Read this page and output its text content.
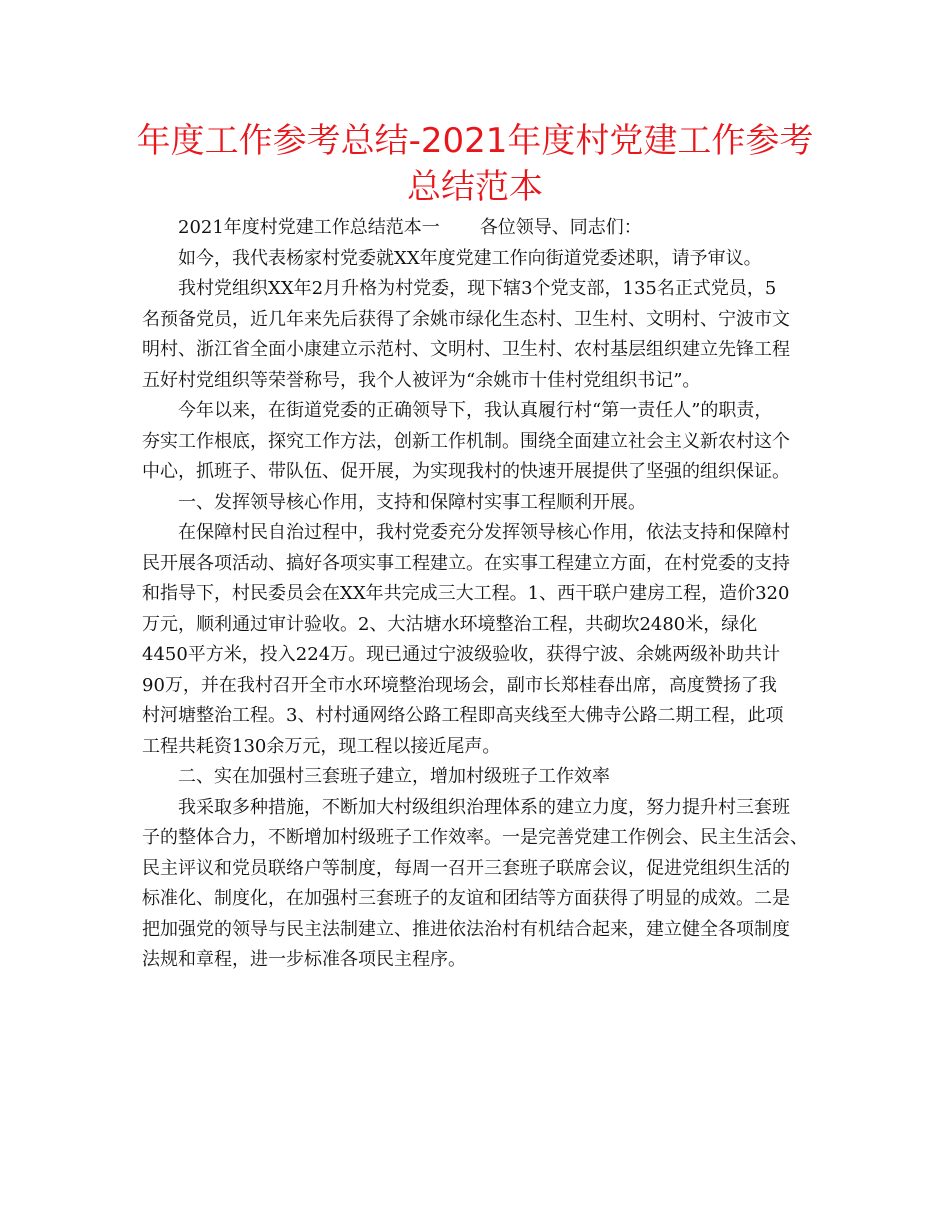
年度工作参考总结-2021年度村党建工作参考总结范本
2021年度村党建工作总结范本一 各位领导、同志们：
如今，我代表杨家村党委就XX年度党建工作向街道党委述职，请予审议。
我村党组织XX年2月升格为村党委，现下辖3个党支部，135名正式党员，5
名预备党员，近几年来先后获得了余姚市绿化生态村、卫生村、文明村、宁波市文
明村、浙江省全面小康建立示范村、文明村、卫生村、农村基层组织建立先锋工程
五好村党组织等荣誉称号，我个人被评为“余姚市十佳村党组织书记”。
今年以来，在街道党委的正确领导下，我认真履行村“第一责任人”的职责，
夯实工作根底，探究工作方法，创新工作机制。围绕全面建立社会主义新农村这个
中心，抓班子、带队伍、促开展，为实现我村的快速开展提供了坚强的组织保证。
一、发挥领导核心作用，支持和保障村实事工程顺利开展。
在保障村民自治过程中，我村党委充分发挥领导核心作用，依法支持和保障村
民开展各项活动、搞好各项实事工程建立。在实事工程建立方面，在村党委的支持
和指导下，村民委员会在XX年共完成三大工程。1、西干联户建房工程，造价320
万元，顺利通过审计验收。2、大沽塘水环境整治工程，共砌坎2480米，绿化
4450平方米，投入224万。现已通过宁波级验收，获得宁波、余姚两级补助共计
90万，并在我村召开全市水环境整治现场会，副市长郑桂春出席，高度赞扬了我
村河塘整治工程。3、村村通网络公路工程即高夹线至大佛寺公路二期工程，此项
工程共耗资130余万元，现工程以接近尾声。
二、实在加强村三套班子建立，增加村级班子工作效率
我采取多种措施，不断加大村级组织治理体系的建立力度，努力提升村三套班
子的整体合力，不断增加村级班子工作效率。一是完善党建工作例会、民主生活会、
民主评议和党员联络户等制度，每周一召开三套班子联席会议，促进党组织生活的
标准化、制度化，在加强村三套班子的友谊和团结等方面获得了明显的成效。二是
把加强党的领导与民主法制建立、推进依法治村有机结合起来，建立健全各项制度
法规和章程，进一步标准各项民主程序。
